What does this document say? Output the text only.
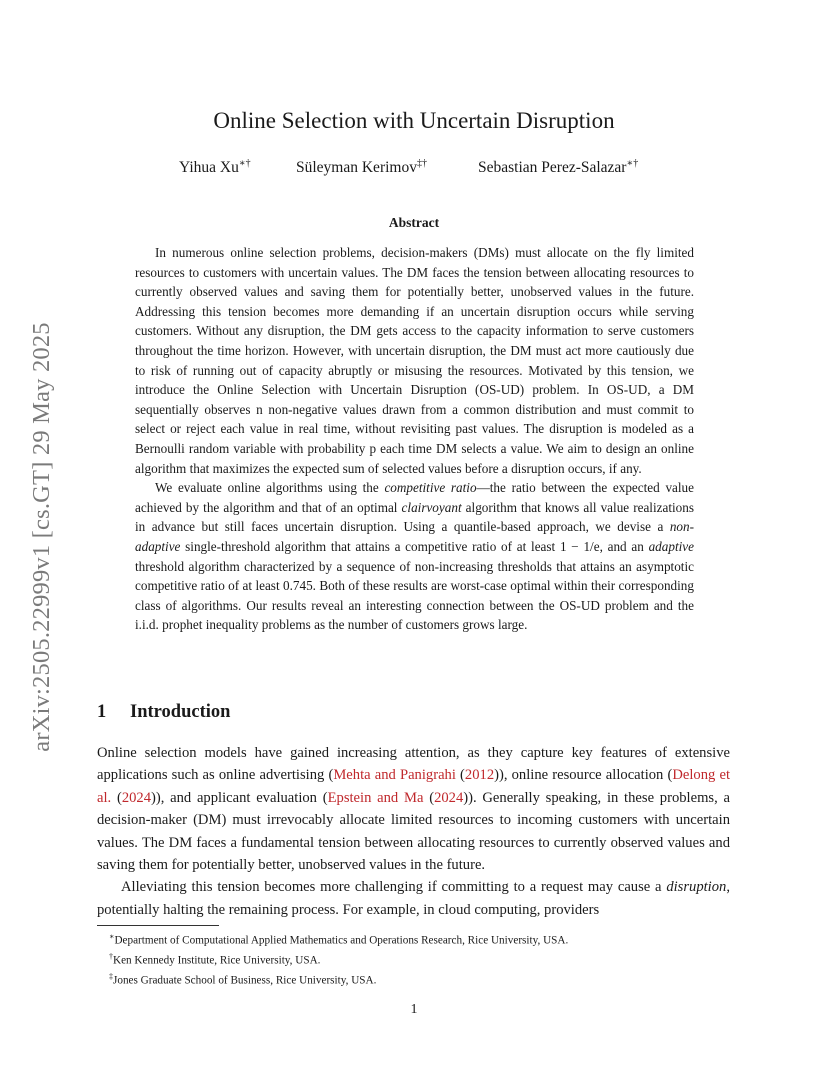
arXiv:2505.22999v1 [cs.GT] 29 May 2025
Online Selection with Uncertain Disruption
Yihua Xu∗†	Süleyman Kerimov‡†	Sebastian Perez-Salazar∗†
Abstract

In numerous online selection problems, decision-makers (DMs) must allocate on the fly limited resources to customers with uncertain values. The DM faces the tension between allocating resources to currently observed values and saving them for potentially better, unobserved values in the future. Addressing this tension becomes more demanding if an uncertain disruption occurs while serving customers. Without any disruption, the DM gets access to the capacity information to serve customers throughout the time horizon. However, with uncertain disruption, the DM must act more cautiously due to risk of running out of capacity abruptly or misusing the resources. Motivated by this tension, we introduce the Online Selection with Uncertain Disruption (OS-UD) problem. In OS-UD, a DM sequentially observes n non-negative values drawn from a common distribution and must commit to select or reject each value in real time, without revisiting past values. The disruption is modeled as a Bernoulli random variable with probability p each time DM selects a value. We aim to design an online algorithm that maximizes the expected sum of selected values before a disruption occurs, if any.

We evaluate online algorithms using the competitive ratio—the ratio between the expected value achieved by the algorithm and that of an optimal clairvoyant algorithm that knows all value realizations in advance but still faces uncertain disruption. Using a quantile-based approach, we devise a non-adaptive single-threshold algorithm that attains a competitive ratio of at least 1 − 1/e, and an adaptive threshold algorithm characterized by a sequence of non-increasing thresholds that attains an asymptotic competitive ratio of at least 0.745. Both of these results are worst-case optimal within their corresponding class of algorithms. Our results reveal an interesting connection between the OS-UD problem and the i.i.d. prophet inequality problems as the number of customers grows large.

1 Introduction

Online selection models have gained increasing attention, as they capture key features of extensive applications such as online advertising (Mehta and Panigrahi (2012)), online resource allocation (Delong et al. (2024)), and applicant evaluation (Epstein and Ma (2024)). Generally speaking, in these problems, a decision-maker (DM) must irrevocably allocate limited resources to incoming customers with uncertain values. The DM faces a fundamental tension between allocating resources to currently observed values and saving them for potentially better, unobserved values in the future.

Alleviating this tension becomes more challenging if committing to a request may cause a disruption, potentially halting the remaining process. For example, in cloud computing, providers

∗Department of Computational Applied Mathematics and Operations Research, Rice University, USA.
†Ken Kennedy Institute, Rice University, USA.
‡Jones Graduate School of Business, Rice University, USA.
1
